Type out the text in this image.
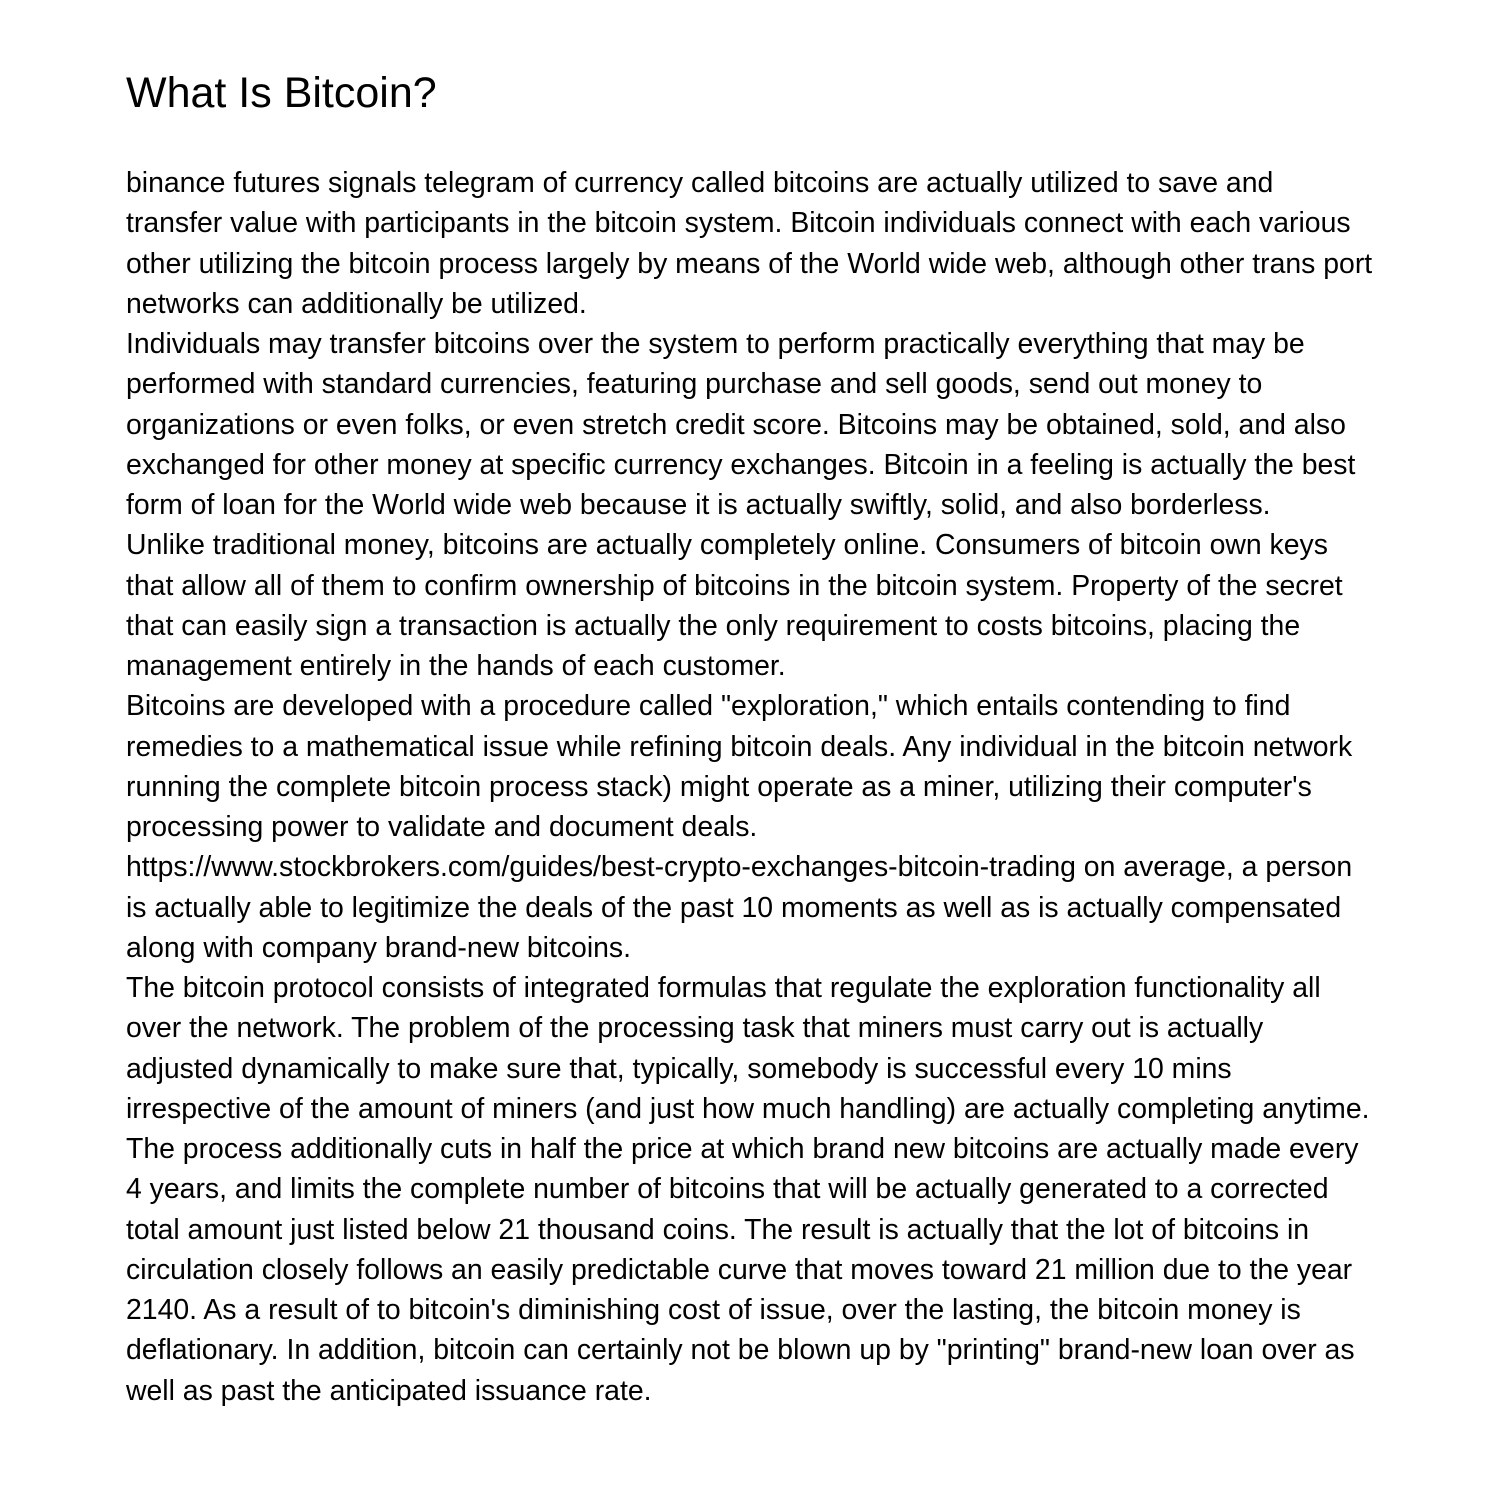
What Is Bitcoin?

binance futures signals telegram of currency called bitcoins are actually utilized to save and transfer value with participants in the bitcoin system. Bitcoin individuals connect with each various other utilizing the bitcoin process largely by means of the World wide web, although other trans port networks can additionally be utilized.

Individuals may transfer bitcoins over the system to perform practically everything that may be performed with standard currencies, featuring purchase and sell goods, send out money to organizations or even folks, or even stretch credit score. Bitcoins may be obtained, sold, and also exchanged for other money at specific currency exchanges. Bitcoin in a feeling is actually the best form of loan for the World wide web because it is actually swiftly, solid, and also borderless.

Unlike traditional money, bitcoins are actually completely online. Consumers of bitcoin own keys that allow all of them to confirm ownership of bitcoins in the bitcoin system. Property of the secret that can easily sign a transaction is actually the only requirement to costs bitcoins, placing the management entirely in the hands of each customer.

Bitcoins are developed with a procedure called "exploration," which entails contending to find remedies to a mathematical issue while refining bitcoin deals. Any individual in the bitcoin network running the complete bitcoin process stack) might operate as a miner, utilizing their computer's processing power to validate and document deals.

https://www.stockbrokers.com/guides/best-crypto-exchanges-bitcoin-trading on average, a person is actually able to legitimize the deals of the past 10 moments as well as is actually compensated along with company brand-new bitcoins.

The bitcoin protocol consists of integrated formulas that regulate the exploration functionality all over the network. The problem of the processing task that miners must carry out is actually adjusted dynamically to make sure that, typically, somebody is successful every 10 mins irrespective of the amount of miners (and just how much handling) are actually completing anytime.

The process additionally cuts in half the price at which brand new bitcoins are actually made every 4 years, and limits the complete number of bitcoins that will be actually generated to a corrected total amount just listed below 21 thousand coins. The result is actually that the lot of bitcoins in circulation closely follows an easily predictable curve that moves toward 21 million due to the year 2140. As a result of to bitcoin's diminishing cost of issue, over the lasting, the bitcoin money is deflationary. In addition, bitcoin can certainly not be blown up by "printing" brand-new loan over as well as past the anticipated issuance rate.
